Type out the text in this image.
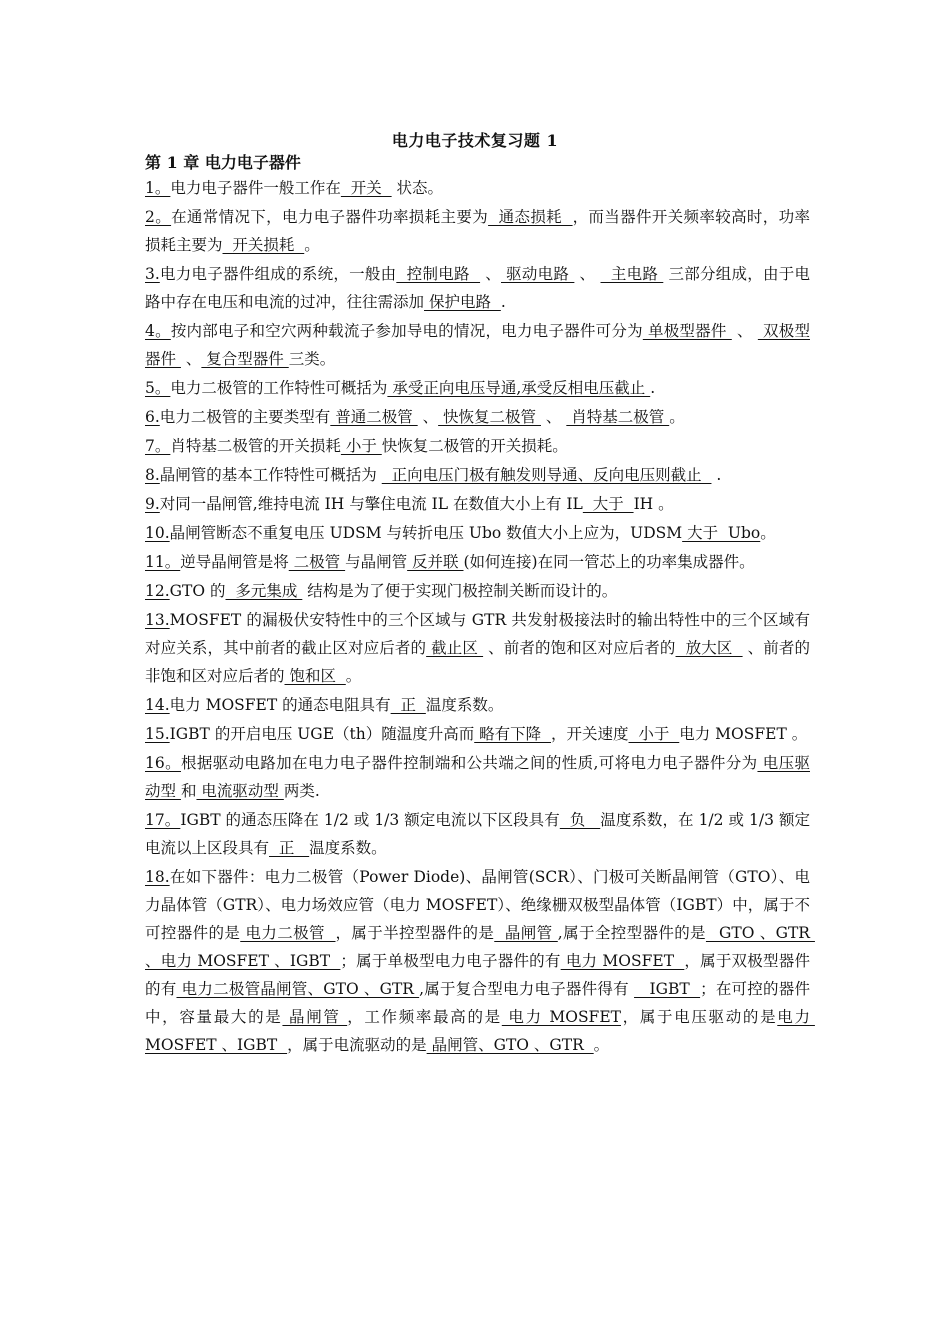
电力电子技术复习题 1
第 1 章 电力电子器件

1。电力电子器件一般工作在  开关   状态。

2。在通常情况下，电力电子器件功率损耗主要为  通态损耗  ，而当器件开关频率较高时，功率损耗主要为  开关损耗  。

3.电力电子器件组成的系统，一般由  控制电路   、 驱动电路  、   主电路  三部分组成，由于电路中存在电压和电流的过冲，往往需添加 保护电路  .

4。按内部电子和空穴两种载流子参加导电的情况，电力电子器件可分为 单极型器件  、  双极型器件  、 复合型器件 三类。

5。电力二极管的工作特性可概括为 承受正向电压导通,承受反相电压截止 .

6.电力二极管的主要类型有 普通二极管  、 快恢复二极管  、  肖特基二极管 。

7。肖特基二极管的开关损耗 小于 快恢复二极管的开关损耗。

8.晶闸管的基本工作特性可概括为   正向电压门极有触发则导通、反向电压则截止   .

9.对同一晶闸管,维持电流 IH 与擎住电流 IL 在数值大小上有 IL  大于  IH 。

10.晶闸管断态不重复电压 UDSM 与转折电压 Ubo 数值大小上应为，UDSM 大于  Ubo。

11。逆导晶闸管是将 二极管 与晶闸管 反并联 (如何连接)在同一管芯上的功率集成器件。

12.GTO 的  多元集成  结构是为了便于实现门极控制关断而设计的。

13.MOSFET 的漏极伏安特性中的三个区域与 GTR 共发射极接法时的输出特性中的三个区域有对应关系，其中前者的截止区对应后者的 截止区  、前者的饱和区对应后者的  放大区   、前者的非饱和区对应后者的 饱和区  。

14.电力 MOSFET 的通态电阻具有  正  温度系数。

15.IGBT 的开启电压 UGE（th）随温度升高而 略有下降  ，开关速度  小于  电力 MOSFET 。

16。根据驱动电路加在电力电子器件控制端和公共端之间的性质,可将电力电子器件分为 电压驱动型 和 电流驱动型 两类.

17。IGBT 的通态压降在 1/2 或 1/3 额定电流以下区段具有  负   温度系数，在 1/2 或 1/3 额定电流以上区段具有  正   温度系数。

18.在如下器件：电力二极管（Power Diode)、晶闸管(SCR）、门极可关断晶闸管（GTO）、电力晶体管（GTR）、电力场效应管（电力 MOSFET）、绝缘栅双极型晶体管（IGBT）中，属于不可控器件的是 电力二极管  ，属于半控型器件的是  晶闸管 ,属于全控型器件的是_ GTO 、GTR 、电力 MOSFET 、IGBT  ；属于单极型电力电子器件的有 电力 MOSFET  ，属于双极型器件的有 电力二极管晶闸管、GTO 、GTR ,属于复合型电力电子器件得有    IGBT  ；在可控的器件中，容量最大的是 晶闸管 ，工作频率最高的是 电力 MOSFET，属于电压驱动的是电力 MOSFET 、IGBT  ，属于电流驱动的是 晶闸管、GTO 、GTR  。
